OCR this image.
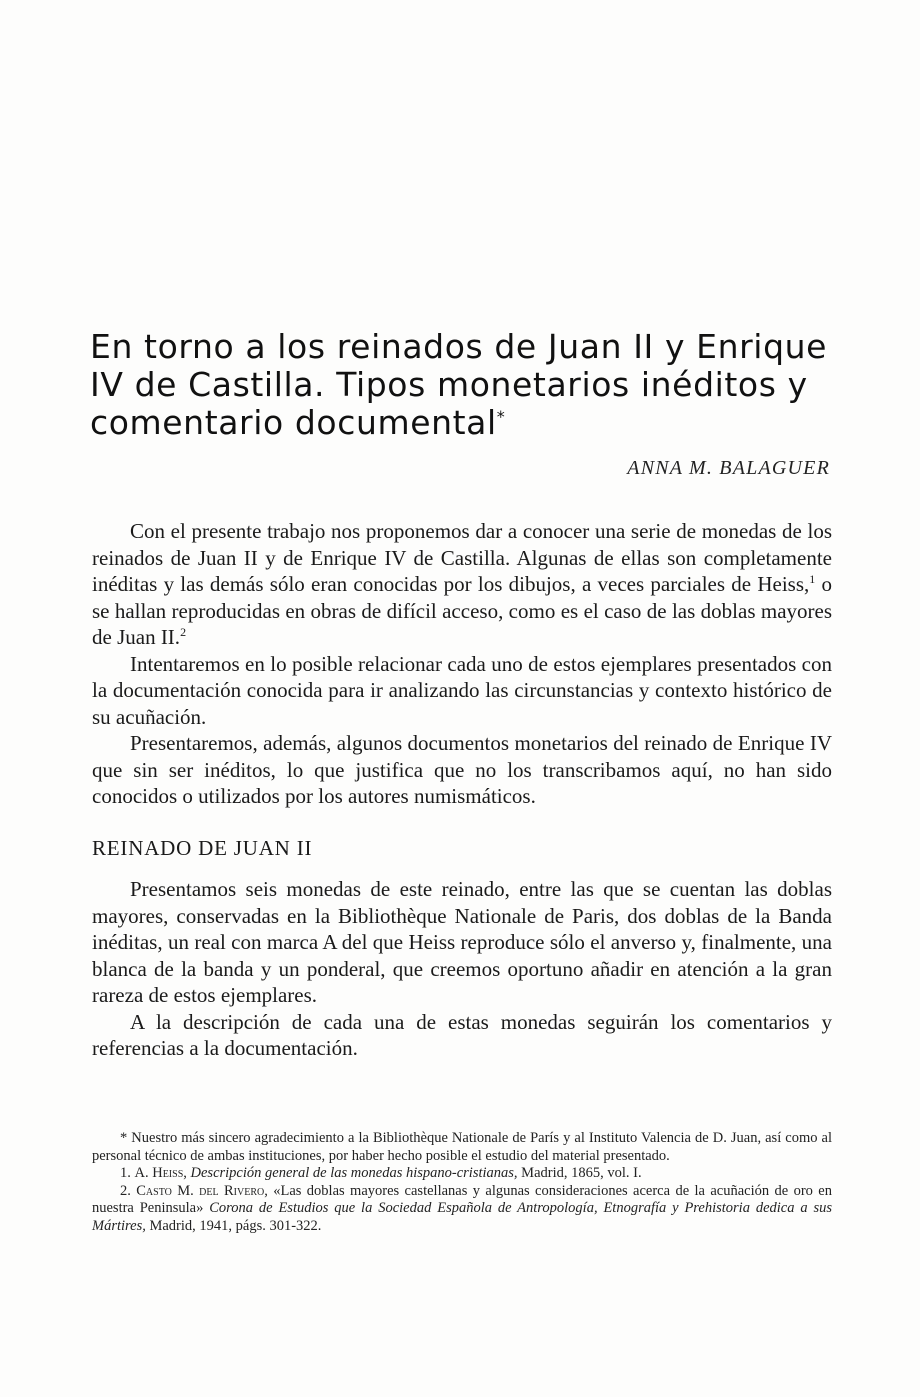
En torno a los reinados de Juan II y Enrique IV de Castilla. Tipos monetarios inéditos y comentario documental*
ANNA M. BALAGUER

Con el presente trabajo nos proponemos dar a conocer una serie de monedas de los reinados de Juan II y de Enrique IV de Castilla. Algunas de ellas son completamente inéditas y las demás sólo eran conocidas por los dibujos, a veces parciales de Heiss,$^1$ o se hallan reproducidas en obras de difícil acceso, como es el caso de las doblas mayores de Juan II.$^2$

Intentaremos en lo posible relacionar cada uno de estos ejemplares presentados con la documentación conocida para ir analizando las circunstancias y contexto histórico de su acuñación.

Presentaremos, además, algunos documentos monetarios del reinado de Enrique IV que sin ser inéditos, lo que justifica que no los transcribamos aquí, no han sido conocidos o utilizados por los autores numismáticos.

REINADO DE JUAN II

Presentamos seis monedas de este reinado, entre las que se cuentan las doblas mayores, conservadas en la Bibliothèque Nationale de Paris, dos doblas de la Banda inéditas, un real con marca A del que Heiss reproduce sólo el anverso y, finalmente, una blanca de la banda y un ponderal, que creemos oportuno añadir en atención a la gran rareza de estos ejemplares.

A la descripción de cada una de estas monedas seguirán los comentarios y referencias a la documentación.

* Nuestro más sincero agradecimiento a la Bibliothèque Nationale de París y al Instituto Valencia de D. Juan, así como al personal técnico de ambas instituciones, por haber hecho posible el estudio del material presentado.

1. A. Heiss, Descripción general de las monedas hispano-cristianas, Madrid, 1865, vol. I.

2. Casto M. del Rivero, «Las doblas mayores castellanas y algunas consideraciones acerca de la acuñación de oro en nuestra Peninsula» Corona de Estudios que la Sociedad Española de Antropología, Etnografía y Prehistoria dedica a sus Mártires, Madrid, 1941, págs. 301-322.
